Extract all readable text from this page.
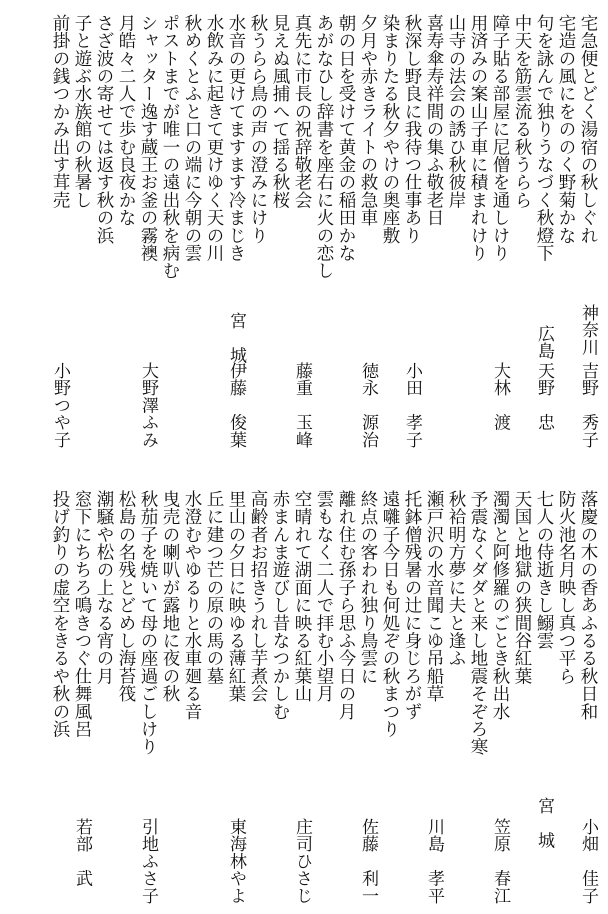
宅急便とどく湯宿の秋しぐれ
宅造の風にをののく野菊かな
句を詠んで独りうなづく秋燈下
中天を筋雲流る秋うらら
障子貼る部屋に尼僧を通しけり
用済みの案山子車に積まれけり
山寺の法会の誘ひ秋彼岸
喜寿傘寿祥間の集ふ敬老日
秋深し野良に我待つ仕事あり
染まりたる秋夕やけの奥座敷
夕月や赤きライトの救急車
朝の日を受けて黄金の稲田かな
あがなひし辞書を座右に火の恋し
真先に市長の祝辞敬老会
見えぬ風捕へて揺る秋桜
秋うらら鳥の声の澄みにけり
水音の更けてますます冷まじき
水飲みに起きて更けゆく天の川
秋めくとふと口の端に今朝の雲
ポストまでが唯一の遠出秋を病む
シャッター逸す蔵王お釜の霧襖
月皓々二人で歩む良夜かな
さざ波の寄せては返す秋の浜
子と遊ぶ水族館の秋暑し
前掛の銭つかみ出す茸売
神奈川
広島
宮　城
吉野　秀子
天野　忠
大林　渡
小田　孝子
徳永　源治
藤重　玉峰
伊藤　俊葉
大野澤ふみ
小野つや子
落慶の木の香あふるる秋日和
防火池名月映し真つ平ら
七人の侍逝きし鰯雲
天国と地獄の狭間谷紅葉
濁濁と阿修羅のごとき秋出水
予震なくダダと来し地震そぞろ寒
秋袷明方夢に夫と逢ふ
瀬戸沢の水音聞こゆ吊船草
托鉢僧残暑の辻に身じろがず
遠囃子今日も何処ぞの秋まつり
終点の客われ独り鳥雲に
離れ住む孫子ら思ふ今日の月
雲もなく二人で拝む小望月
空晴れて湖面に映る紅葉山
赤まんま遊びし昔なつかしむ
高齢者お招きうれし芋煮会
里山の夕日に映ゆる薄紅葉
丘に建つ芒の原の馬の墓
水澄むやゆるりと水車廻る音
曳売の喇叭が露地に夜の秋
秋茄子を焼いて母の座過ごしけり
松島の名残とどめし海苔筏
潮騒や松の上なる宵の月
窓下にちちろ鳴きつぐ仕舞風呂
投げ釣りの虚空をきるや秋の浜
宮　城 小畑　佳子
笠原　春江
川島　孝平
佐藤　利一
庄司ひさじ
東海林やよ
引地ふさ子
若部　武
